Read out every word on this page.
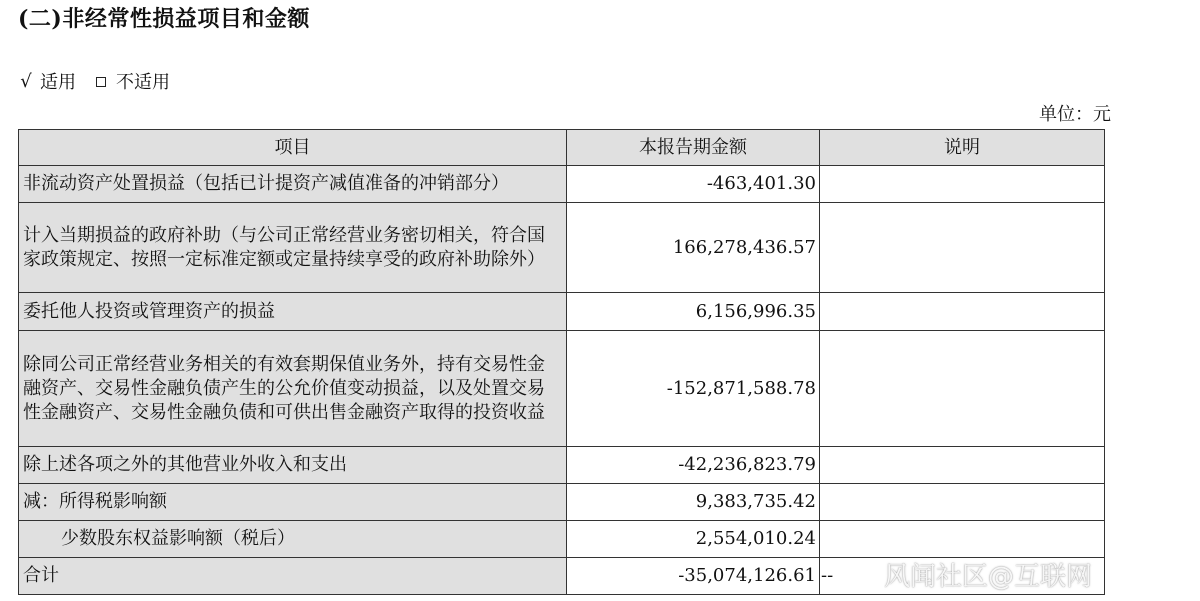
(二)非经常性损益项目和金额
√ 适用 不适用
单位：元
项目	本报告期金额	说明
非流动资产处置损益（包括已计提资产减值准备的冲销部分）	-463,401.30	
计入当期损益的政府补助（与公司正常经营业务密切相关，符合国家政策规定、按照一定标准定额或定量持续享受的政府补助除外）	166,278,436.57	
委托他人投资或管理资产的损益	6,156,996.35	
除同公司正常经营业务相关的有效套期保值业务外，持有交易性金融资产、交易性金融负债产生的公允价值变动损益，以及处置交易性金融资产、交易性金融负债和可供出售金融资产取得的投资收益	-152,871,588.78	
除上述各项之外的其他营业外收入和支出	-42,236,823.79	
减：所得税影响额	9,383,735.42	
少数股东权益影响额（税后）	2,554,010.24	
合计	-35,074,126.61	-- 风闻社区@互联网
